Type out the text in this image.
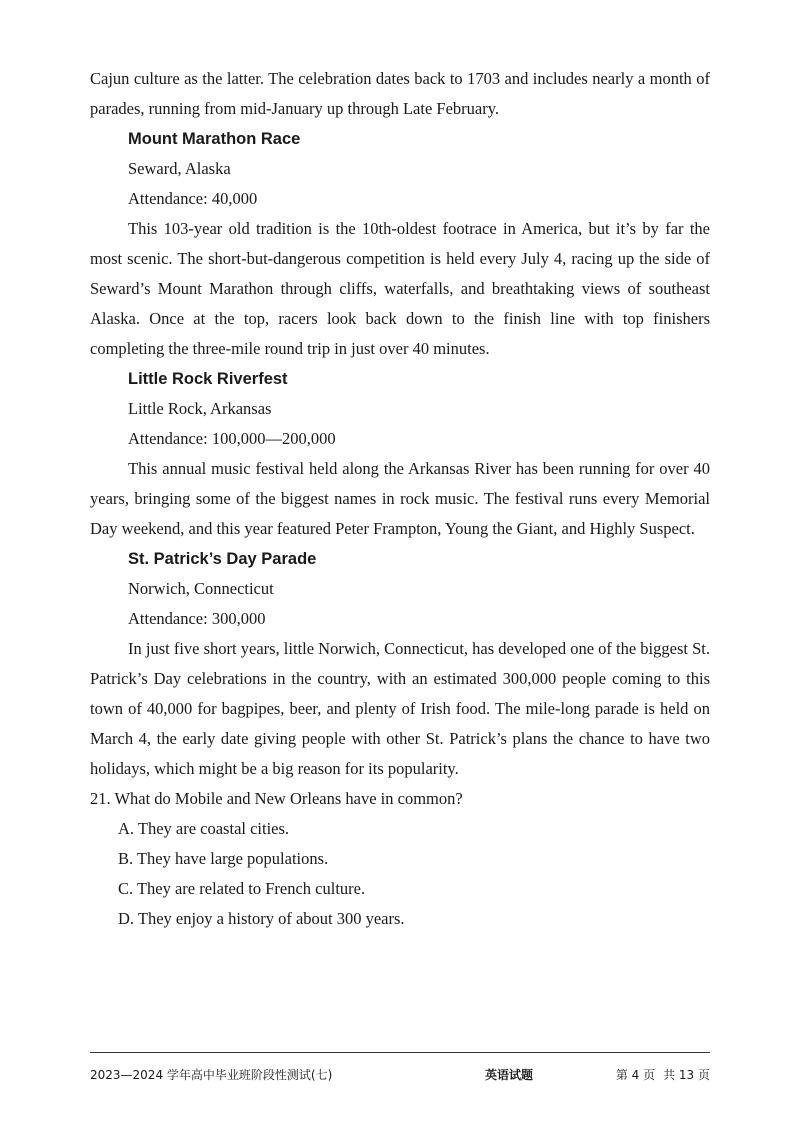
Cajun culture as the latter. The celebration dates back to 1703 and includes nearly a month of parades, running from mid-January up through Late February.

Mount Marathon Race

Seward, Alaska

Attendance: 40,000

This 103-year old tradition is the 10th-oldest footrace in America, but it’s by far the most scenic. The short-but-dangerous competition is held every July 4, racing up the side of Seward’s Mount Marathon through cliffs, waterfalls, and breathtaking views of southeast Alaska. Once at the top, racers look back down to the finish line with top finishers completing the three-mile round trip in just over 40 minutes.

Little Rock Riverfest

Little Rock, Arkansas

Attendance: 100,000—200,000

This annual music festival held along the Arkansas River has been running for over 40 years, bringing some of the biggest names in rock music. The festival runs every Memorial Day weekend, and this year featured Peter Frampton, Young the Giant, and Highly Suspect.

St. Patrick’s Day Parade

Norwich, Connecticut

Attendance: 300,000

In just five short years, little Norwich, Connecticut, has developed one of the biggest St. Patrick’s Day celebrations in the country, with an estimated 300,000 people coming to this town of 40,000 for bagpipes, beer, and plenty of Irish food. The mile-long parade is held on March 4, the early date giving people with other St. Patrick’s plans the chance to have two holidays, which might be a big reason for its popularity.

21. What do Mobile and New Orleans have in common?

A. They are coastal cities.

B. They have large populations.

C. They are related to French culture.

D. They enjoy a history of about 300 years.

2023—2024 学年高中毕业班阶段性测试(七)	英语试题	第 4 页 共 13 页
